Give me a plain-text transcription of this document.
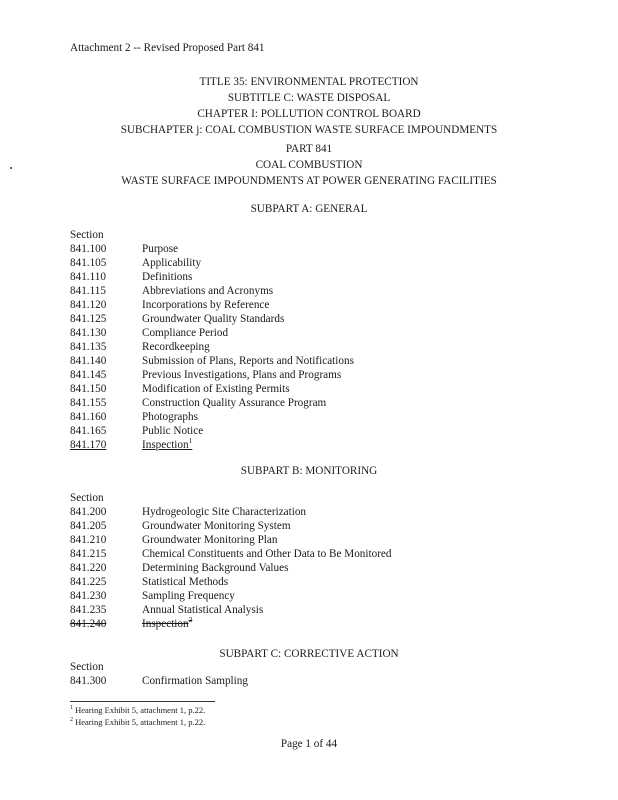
Attachment 2 -- Revised Proposed Part 841
TITLE 35: ENVIRONMENTAL PROTECTION
SUBTITLE C: WASTE DISPOSAL
CHAPTER I: POLLUTION CONTROL BOARD
SUBCHAPTER j: COAL COMBUSTION WASTE SURFACE IMPOUNDMENTS
PART 841
COAL COMBUSTION
WASTE SURFACE IMPOUNDMENTS AT POWER GENERATING FACILITIES
SUBPART A: GENERAL
Section
841.100	Purpose
841.105	Applicability
841.110	Definitions
841.115	Abbreviations and Acronyms
841.120	Incorporations by Reference
841.125	Groundwater Quality Standards
841.130	Compliance Period
841.135	Recordkeeping
841.140	Submission of Plans, Reports and Notifications
841.145	Previous Investigations, Plans and Programs
841.150	Modification of Existing Permits
841.155	Construction Quality Assurance Program
841.160	Photographs
841.165	Public Notice
841.170	Inspection$^1$
SUBPART B: MONITORING
Section
841.200	Hydrogeologic Site Characterization
841.205	Groundwater Monitoring System
841.210	Groundwater Monitoring Plan
841.215	Chemical Constituents and Other Data to Be Monitored
841.220	Determining Background Values
841.225	Statistical Methods
841.230	Sampling Frequency
841.235	Annual Statistical Analysis
841.240	Inspection$^2$
SUBPART C: CORRECTIVE ACTION
Section
841.300	Confirmation Sampling
$^1$ Hearing Exhibit 5, attachment 1, p.22.
$^2$ Hearing Exhibit 5, attachment 1, p.22.
Page 1 of 44
